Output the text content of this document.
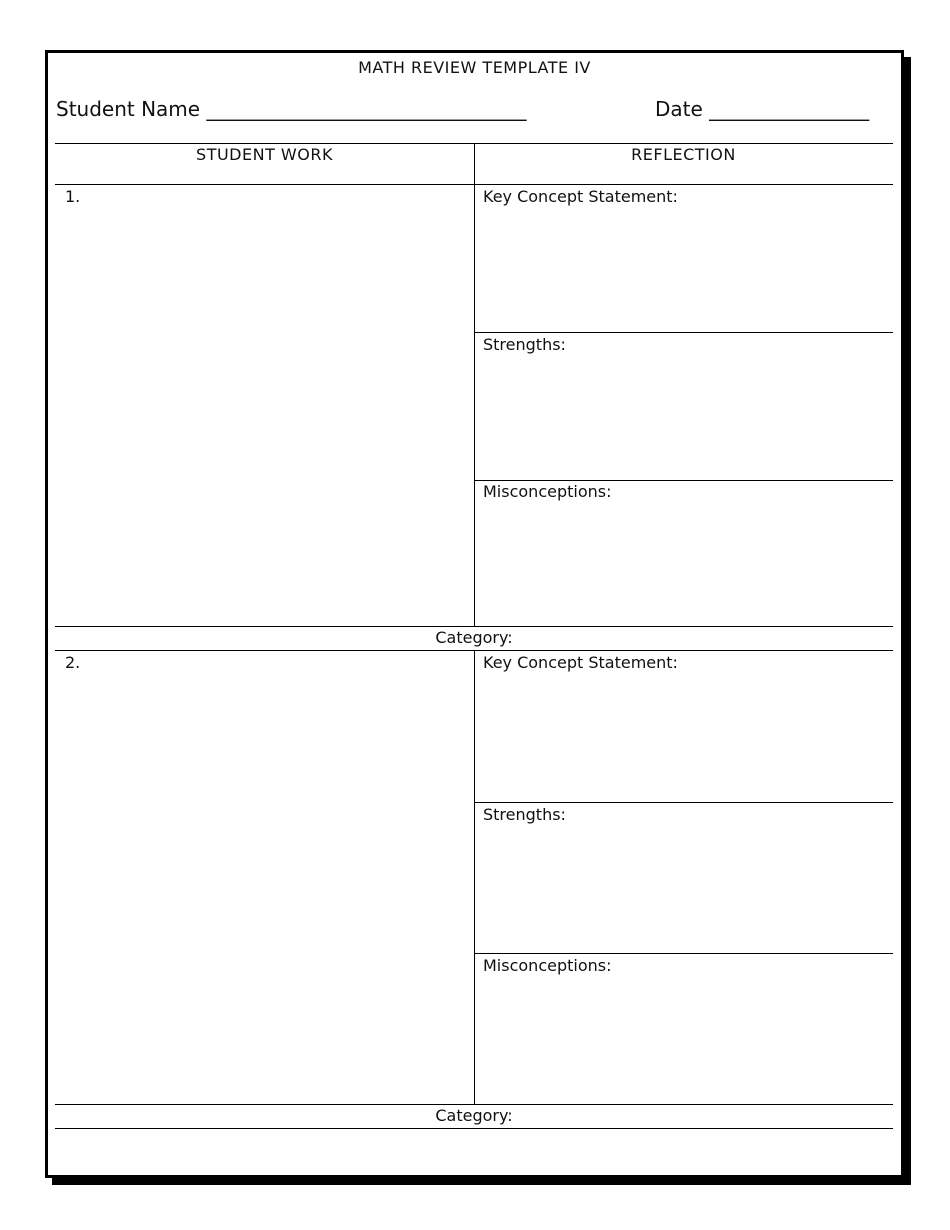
MATH REVIEW TEMPLATE IV
Student Name ________________________________	Date ________________
STUDENT WORK	REFLECTION
1.	Key Concept Statement:
Strengths:
Misconceptions:
Category:
2.	Key Concept Statement:
Strengths:
Misconceptions:
Category:
